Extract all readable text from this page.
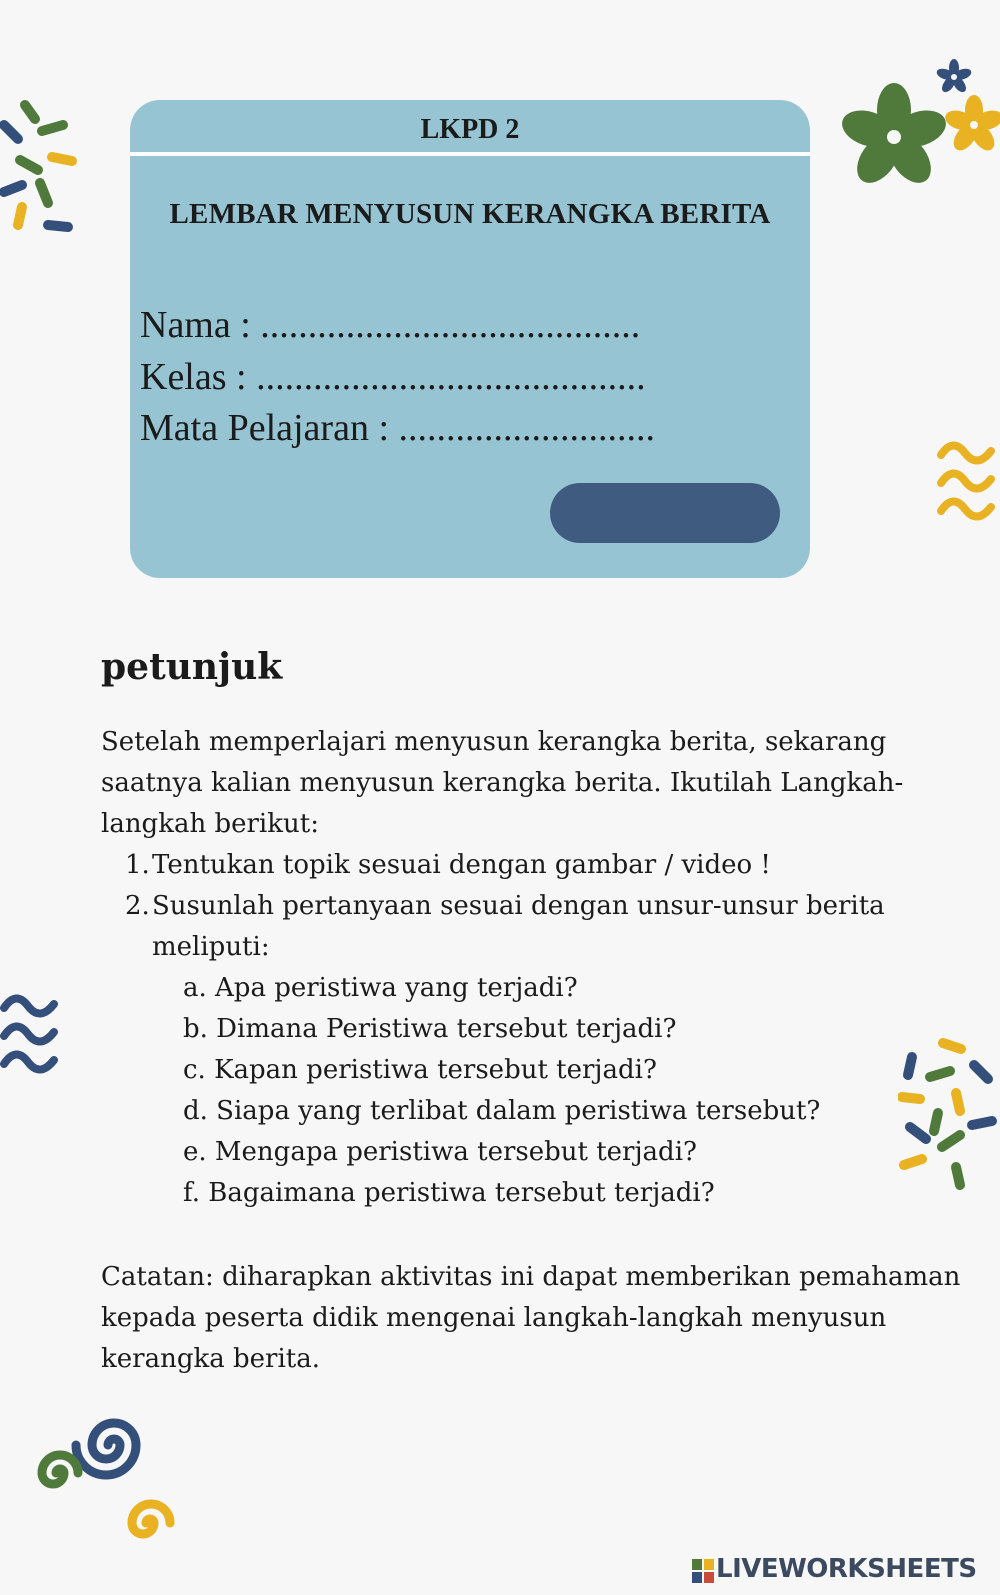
LKPD 2
LEMBAR MENYUSUN KERANGKA BERITA
Nama : ........................................
Kelas : .........................................
Mata Pelajaran : ...........................
petunjuk
Setelah memperlajari menyusun kerangka berita, sekarang
saatnya kalian menyusun kerangka berita. Ikutilah Langkah-
langkah berikut:
1. Tentukan topik sesuai dengan gambar / video !
2. Susunlah pertanyaan sesuai dengan unsur-unsur berita
meliputi:
a. Apa peristiwa yang terjadi?
b. Dimana Peristiwa tersebut terjadi?
c. Kapan peristiwa tersebut terjadi?
d. Siapa yang terlibat dalam peristiwa tersebut?
e. Mengapa peristiwa tersebut terjadi?
f. Bagaimana peristiwa tersebut terjadi?
Catatan: diharapkan aktivitas ini dapat memberikan pemahaman
kepada peserta didik mengenai langkah-langkah menyusun
kerangka berita.
LIVEWORKSHEETS
